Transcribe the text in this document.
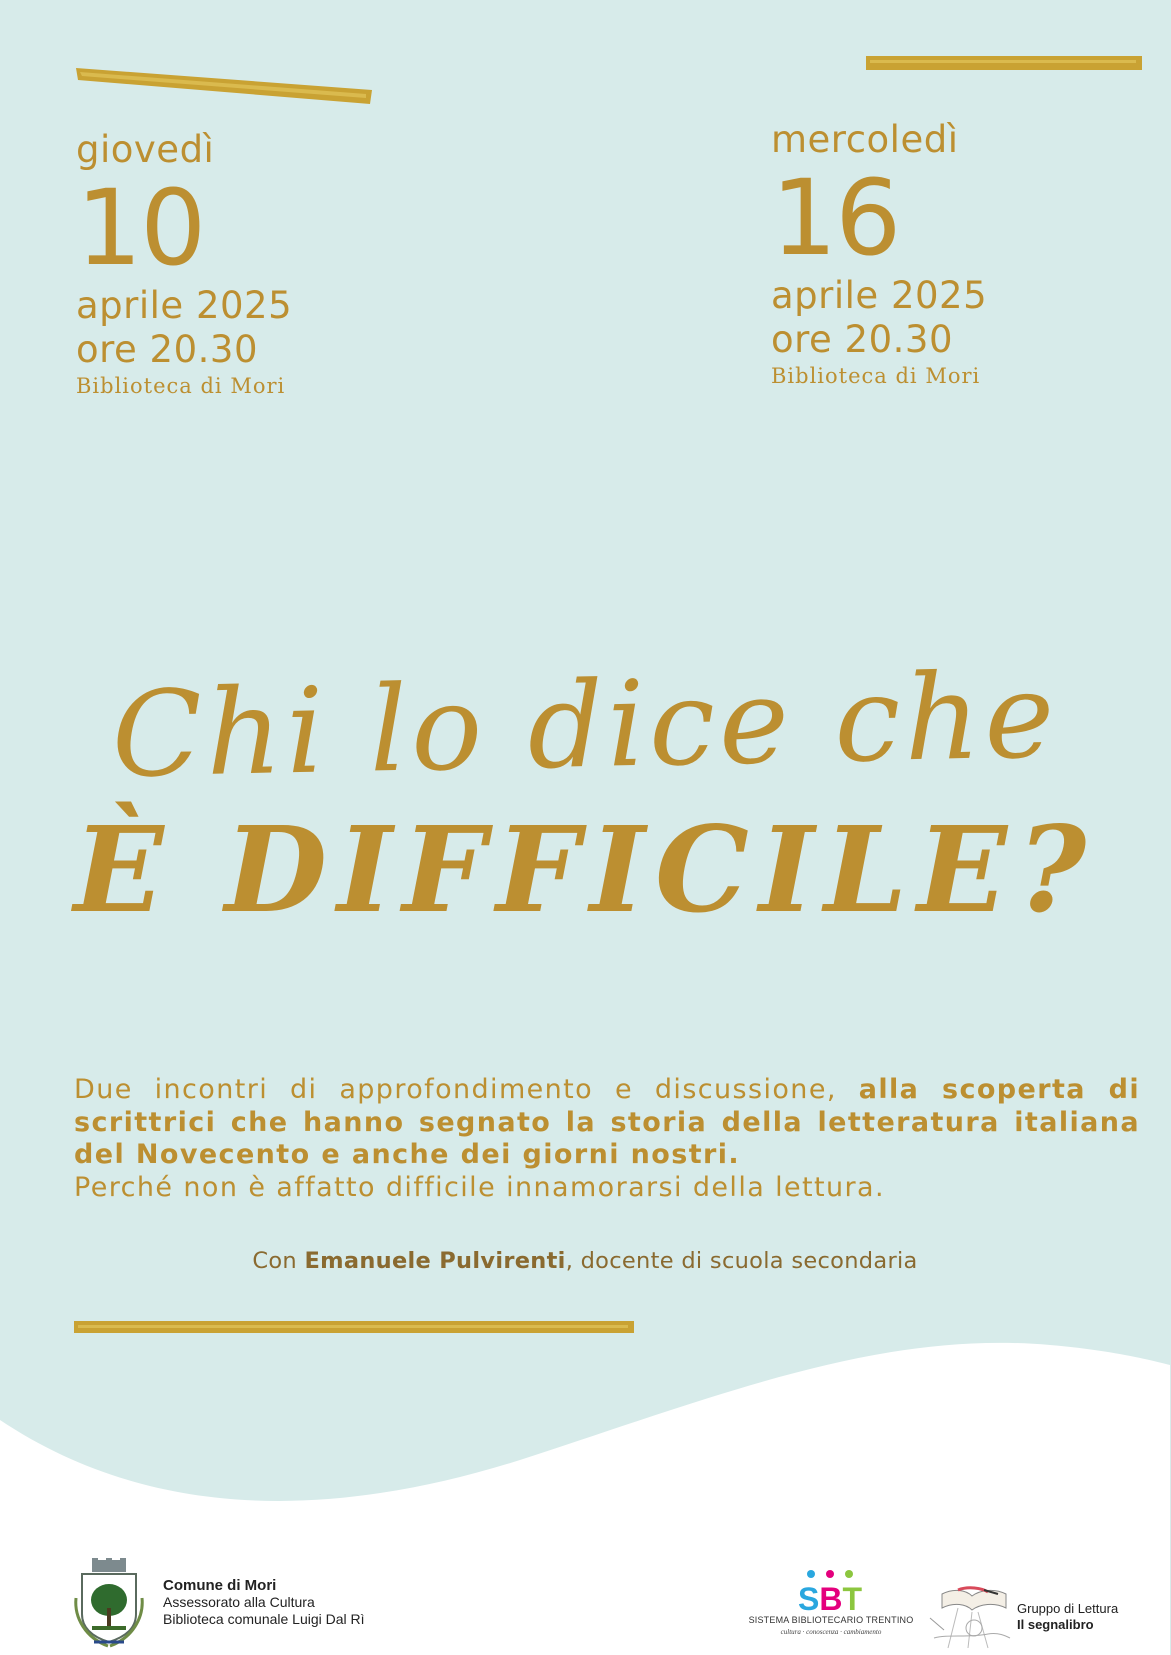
giovedì
10
aprile 2025
ore 20.30
Biblioteca di Mori
mercoledì
16
aprile 2025
ore 20.30
Biblioteca di Mori
Chi lo dice che
È DIFFICILE?
Due incontri di approfondimento e discussione, alla scoperta di scrittrici che hanno segnato la storia della letteratura italiana del Novecento e anche dei giorni nostri.
Perché non è affatto difficile innamorarsi della lettura.
Con Emanuele Pulvirenti, docente di scuola secondaria
Comune di Mori
Assessorato alla Cultura
Biblioteca comunale Luigi Dal Rì
SBT
SISTEMA BIBLIOTECARIO TRENTINO
cultura · conoscenza · cambiamento
Gruppo di Lettura
Il segnalibro
